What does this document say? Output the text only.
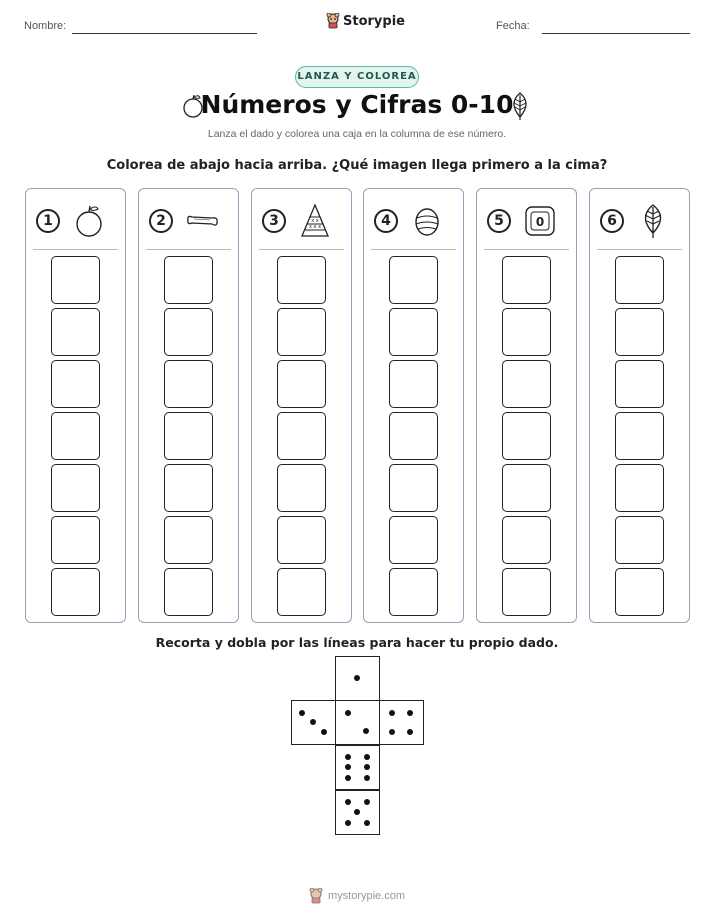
Nombre:	Storypie	Fecha:
LANZA Y COLOREA
Números y Cifras 0-10
Lanza el dado y colorea una caja en la columna de ese número.
Colorea de abajo hacia arriba. ¿Qué imagen llega primero a la cima?
1	2	3	x x
x x x	4	5	0	6
Recorta y dobla por las líneas para hacer tu propio dado.
mystorypie.com
